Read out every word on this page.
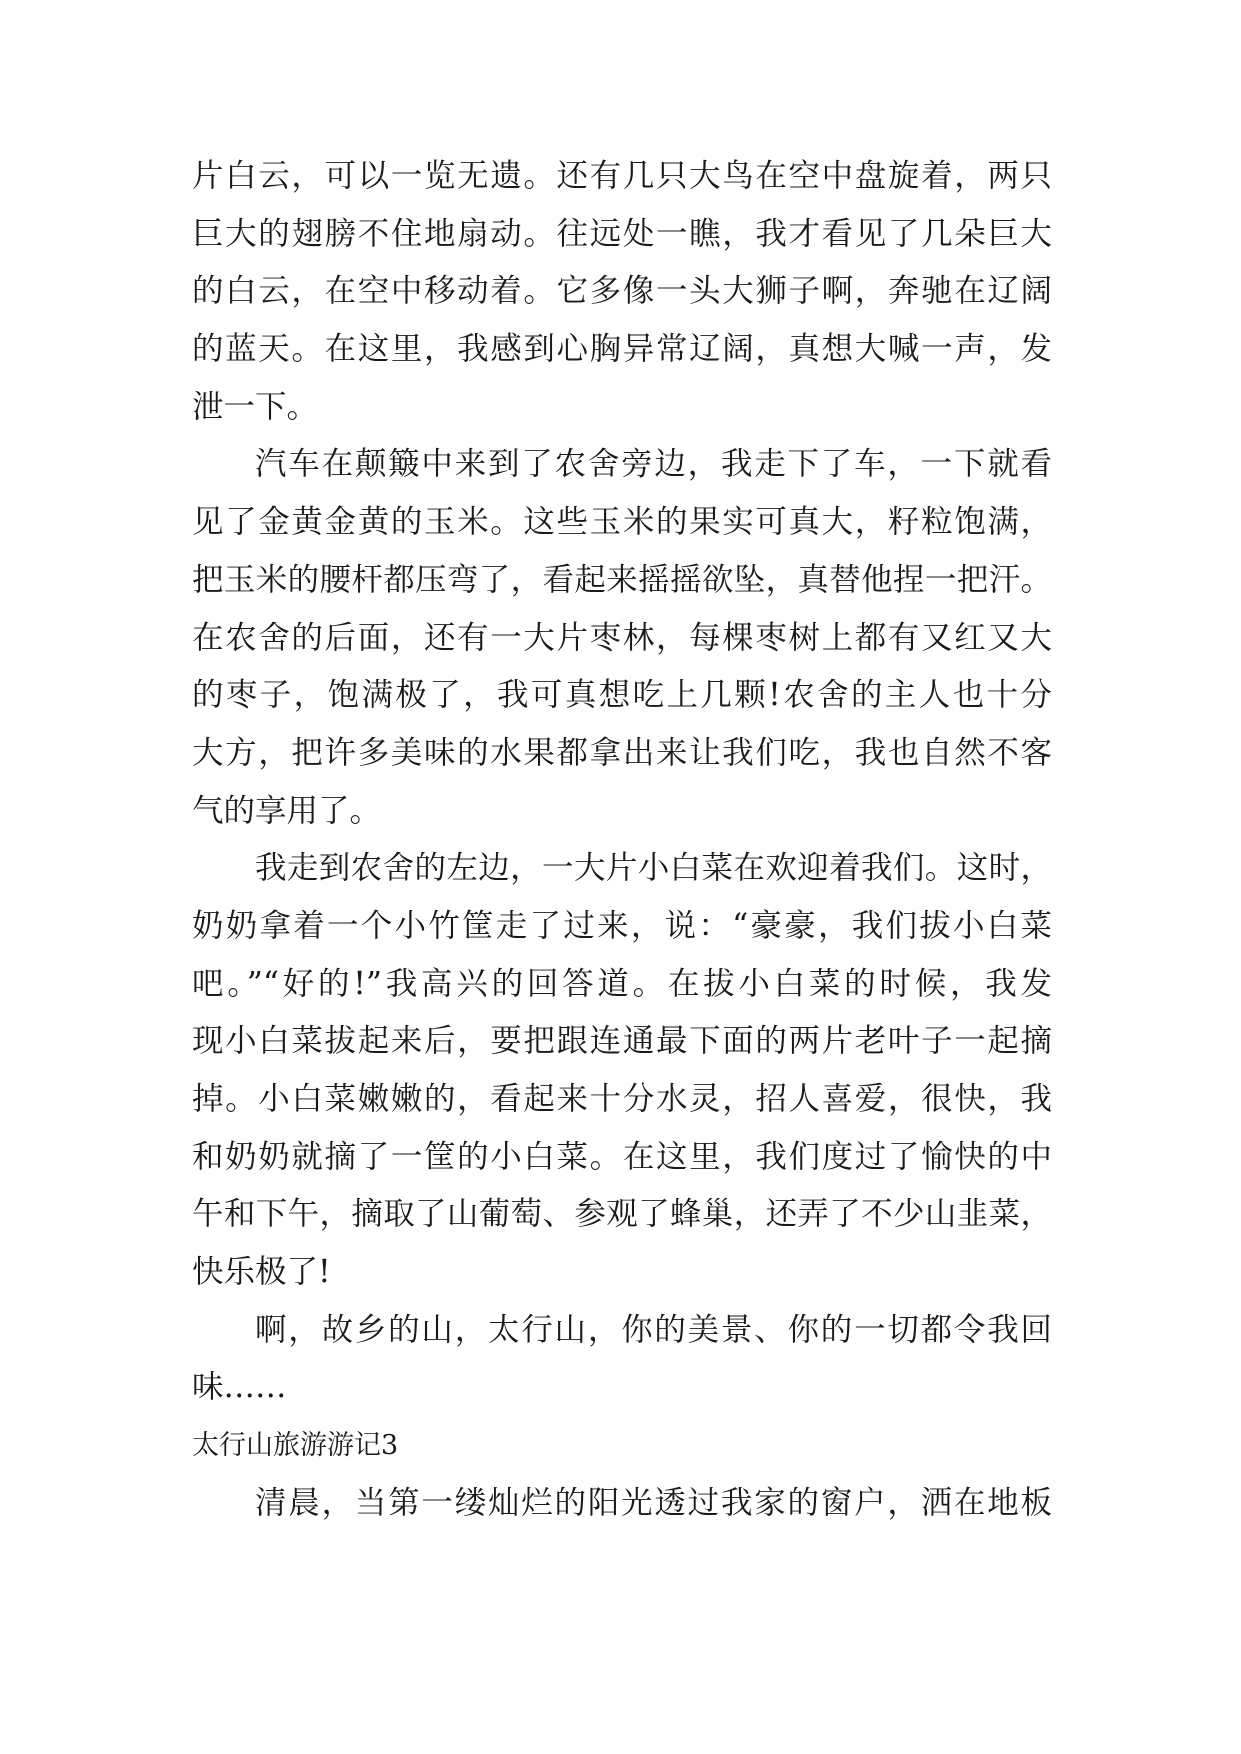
片白云，可以一览无遗。还有几只大鸟在空中盘旋着，两只
巨大的翅膀不住地扇动。往远处一瞧，我才看见了几朵巨大
的白云，在空中移动着。它多像一头大狮子啊，奔驰在辽阔
的蓝天。在这里，我感到心胸异常辽阔，真想大喊一声，发
泄一下。
汽车在颠簸中来到了农舍旁边，我走下了车，一下就看
见了金黄金黄的玉米。这些玉米的果实可真大，籽粒饱满，
把玉米的腰杆都压弯了，看起来摇摇欲坠，真替他捏一把汗。
在农舍的后面，还有一大片枣林，每棵枣树上都有又红又大
的枣子，饱满极了，我可真想吃上几颗!农舍的主人也十分
大方，把许多美味的水果都拿出来让我们吃，我也自然不客
气的享用了。
我走到农舍的左边，一大片小白菜在欢迎着我们。这时，
奶奶拿着一个小竹筐走了过来，说：“豪豪，我们拔小白菜
吧。”“好的!”我高兴的回答道。在拔小白菜的时候，我发
现小白菜拔起来后，要把跟连通最下面的两片老叶子一起摘
掉。小白菜嫩嫩的，看起来十分水灵，招人喜爱，很快，我
和奶奶就摘了一筐的小白菜。在这里，我们度过了愉快的中
午和下午，摘取了山葡萄、参观了蜂巢，还弄了不少山韭菜，
快乐极了!
啊，故乡的山，太行山，你的美景、你的一切都令我回
味……
太行山旅游游记3
清晨，当第一缕灿烂的阳光透过我家的窗户，洒在地板
